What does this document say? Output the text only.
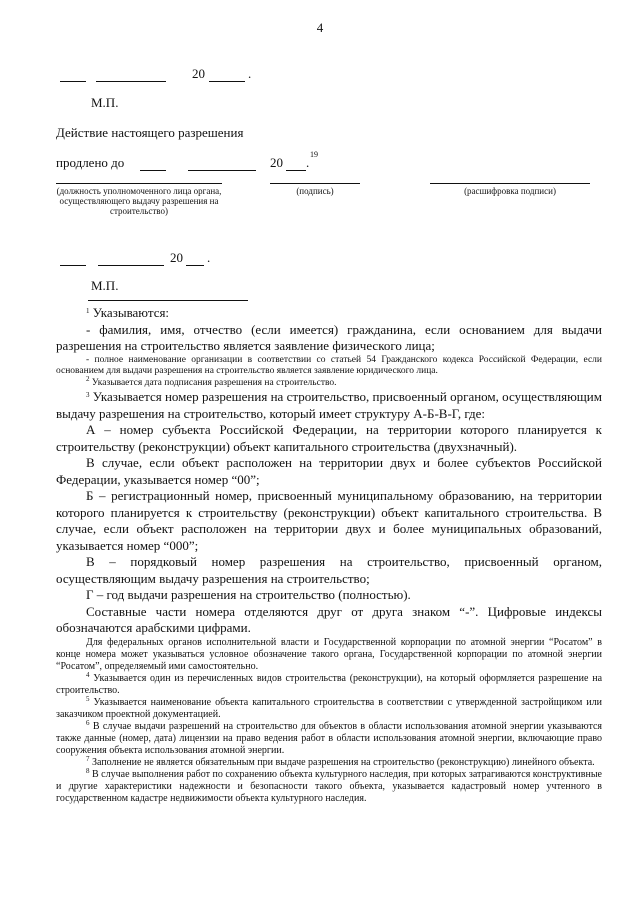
4
20	.
М.П.
Действие настоящего разрешения
продлено до	20 .
19
(должность уполномоченного лица органа, осуществляющего выдачу разрешения на строительство)
(подпись)	(расшифровка подписи)
20 .
М.П.

$^1$ Указываются:

- фамилия, имя, отчество (если имеется) гражданина, если основанием для выдачи разрешения на строительство является заявление физического лица;

- полное наименование организации в соответствии со статьей 54 Гражданского кодекса Российской Федерации, если основанием для выдачи разрешения на строительство является заявление юридического лица.

$^2$ Указывается дата подписания разрешения на строительство.

$^3$ Указывается номер разрешения на строительство, присвоенный органом, осуществляющим выдачу разрешения на строительство, который имеет структуру А-Б-В-Г, где:

А – номер субъекта Российской Федерации, на территории которого планируется к строительству (реконструкции) объект капитального строительства (двухзначный).

В случае, если объект расположен на территории двух и более субъектов Российской Федерации, указывается номер “00”;

Б – регистрационный номер, присвоенный муниципальному образованию, на территории которого планируется к строительству (реконструкции) объект капитального строительства. В случае, если объект расположен на территории двух и более муниципальных образований, указывается номер “000”;

В – порядковый номер разрешения на строительство, присвоенный органом, осуществляющим выдачу разрешения на строительство;

Г – год выдачи разрешения на строительство (полностью).

Составные части номера отделяются друг от друга знаком “-”. Цифровые индексы обозначаются арабскими цифрами.

Для федеральных органов исполнительной власти и Государственной корпорации по атомной энергии “Росатом” в конце номера может указываться условное обозначение такого органа, Государственной корпорации по атомной энергии “Росатом”, определяемый ими самостоятельно.

$^4$ Указывается один из перечисленных видов строительства (реконструкции), на который оформляется разрешение на строительство.

$^5$ Указывается наименование объекта капитального строительства в соответствии с утвержденной застройщиком или заказчиком проектной документацией.

$^6$ В случае выдачи разрешений на строительство для объектов в области использования атомной энергии указываются также данные (номер, дата) лицензии на право ведения работ в области использования атомной энергии, включающие право сооружения объекта использования атомной энергии.

$^7$ Заполнение не является обязательным при выдаче разрешения на строительство (реконструкцию) линейного объекта.

$^8$ В случае выполнения работ по сохранению объекта культурного наследия, при которых затрагиваются конструктивные и другие характеристики надежности и безопасности такого объекта, указывается кадастровый номер учтенного в государственном кадастре недвижимости объекта культурного наследия.
